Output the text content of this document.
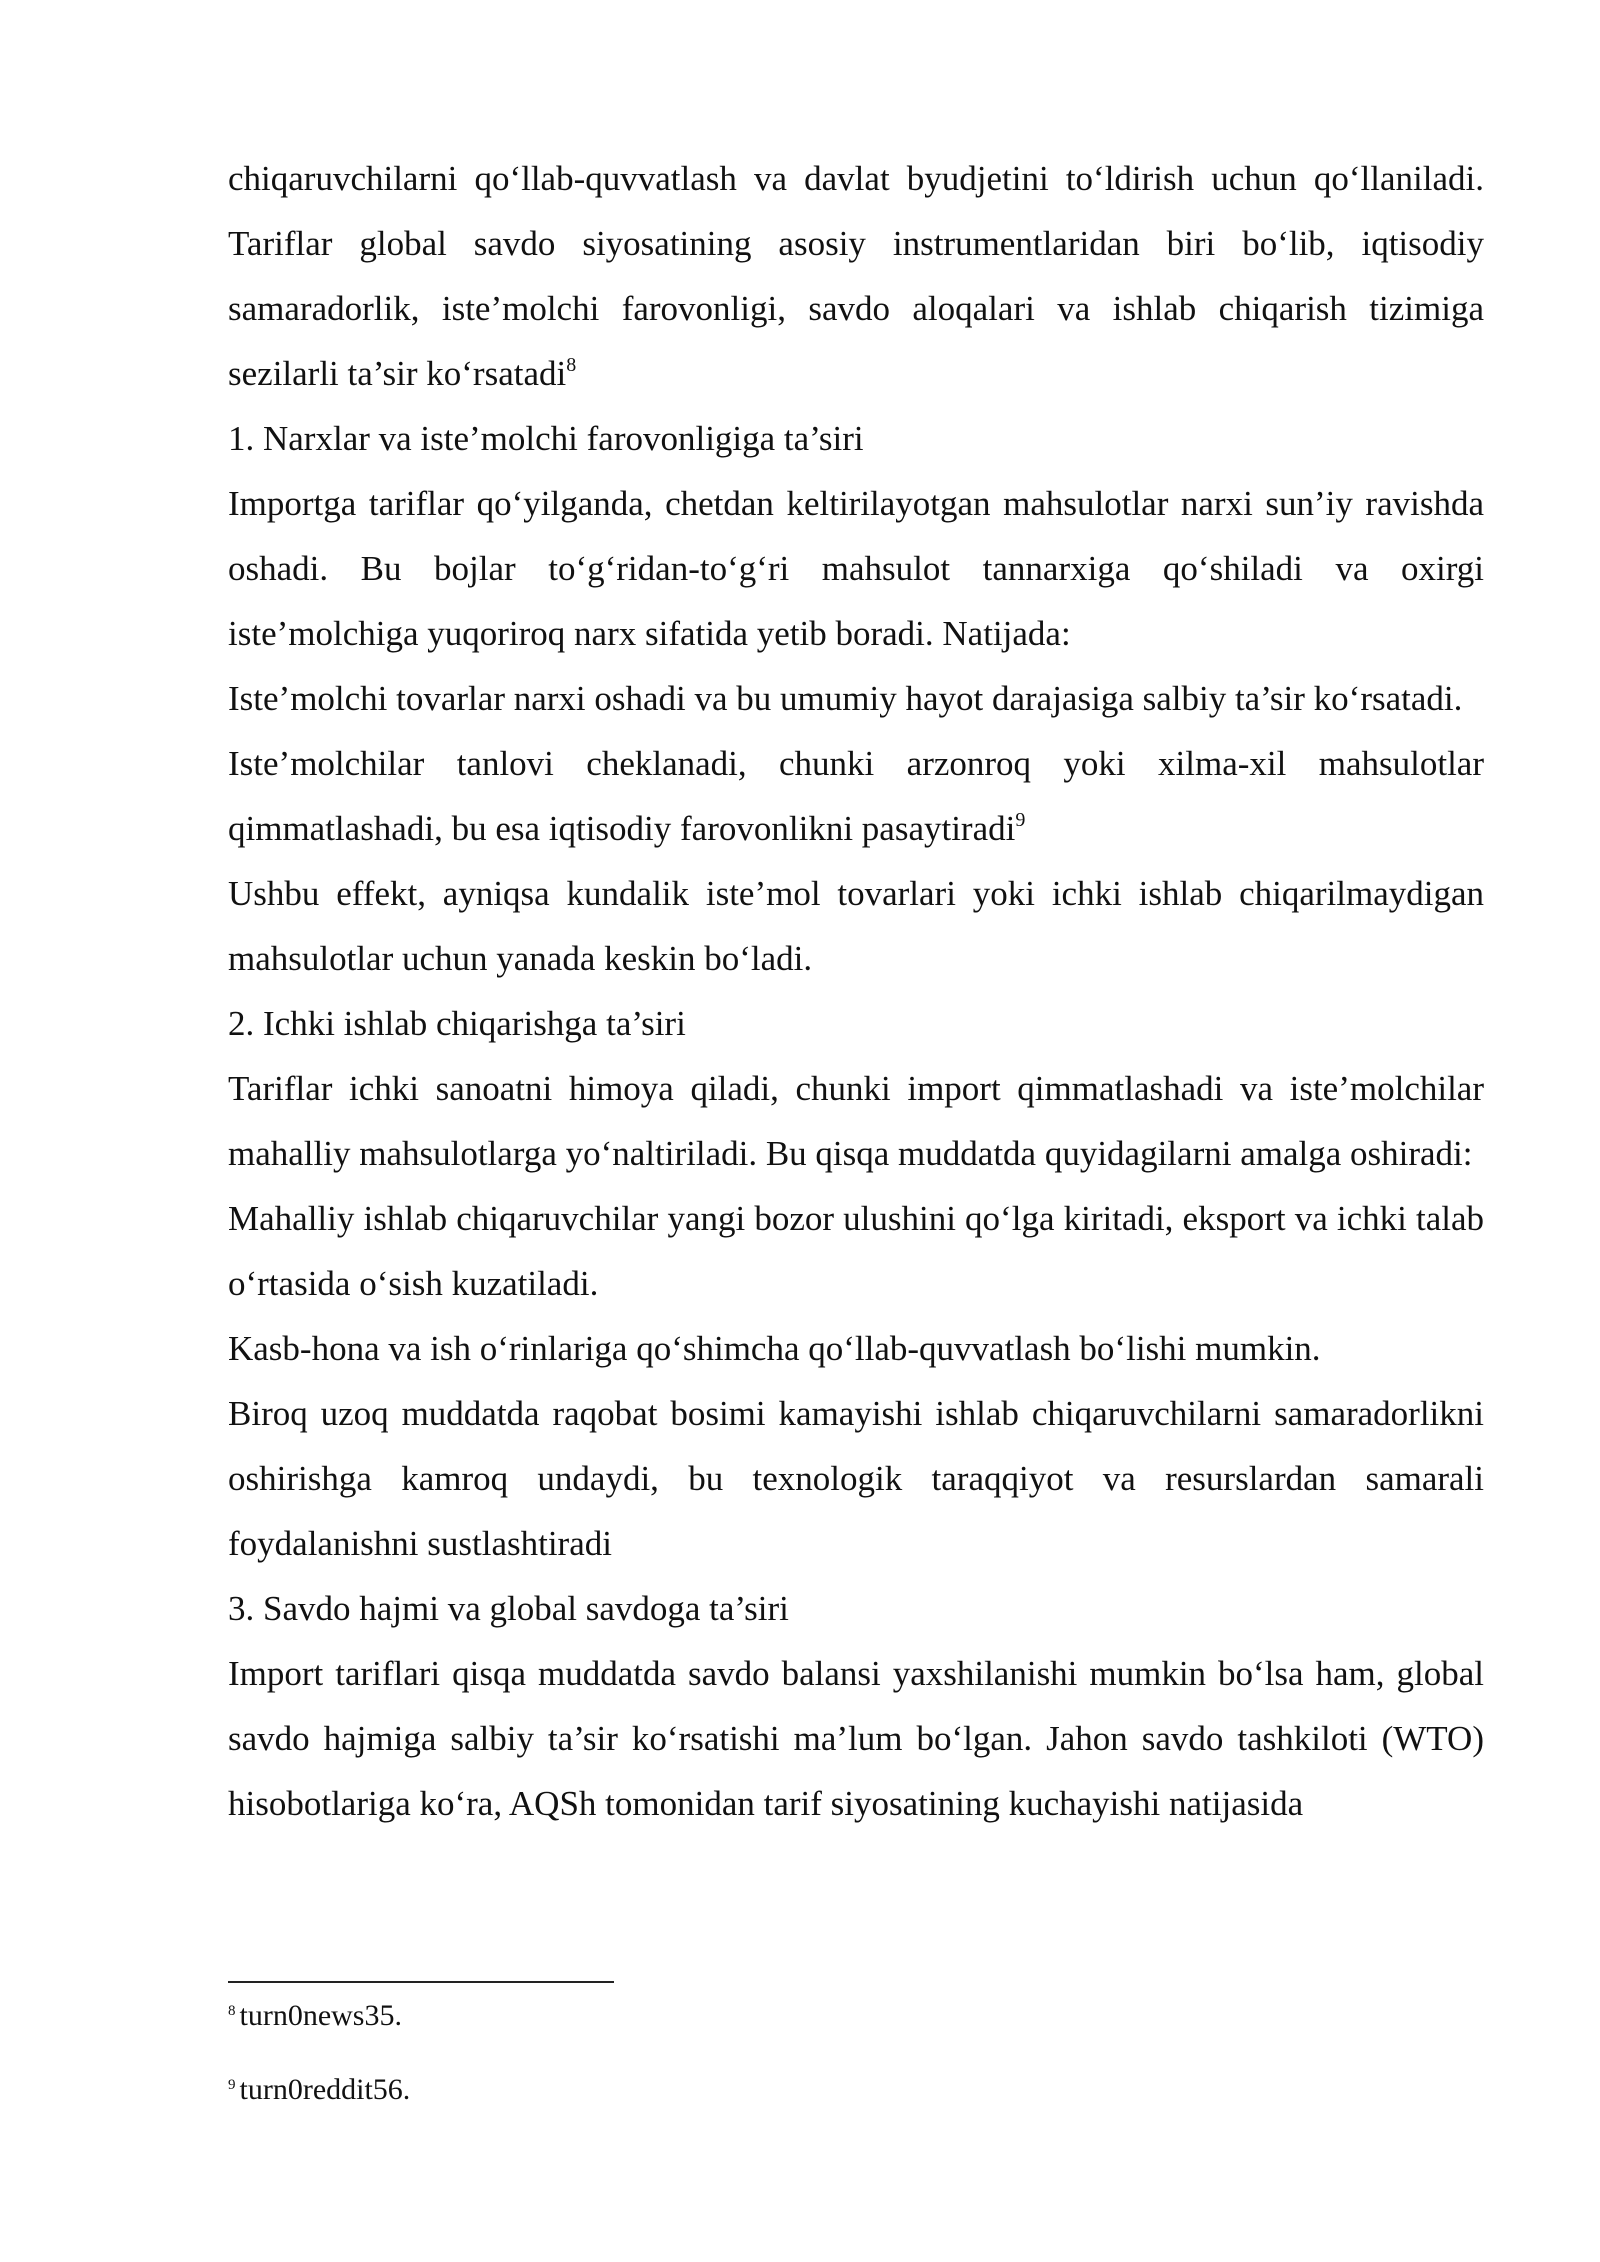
chiqaruvchilarni qo‘llab-quvvatlash va davlat byudjetini to‘ldirish uchun qo‘llaniladi. Tariflar global savdo siyosatining asosiy instrumentlaridan biri bo‘lib, iqtisodiy samaradorlik, iste’molchi farovonligi, savdo aloqalari va ishlab chiqarish tizimiga sezilarli ta’sir ko‘rsatadi$^8$

1. Narxlar va iste’molchi farovonligiga ta’siri

Importga tariflar qo‘yilganda, chetdan keltirilayotgan mahsulotlar narxi sun’iy ravishda oshadi. Bu bojlar to‘g‘ridan-to‘g‘ri mahsulot tannarxiga qo‘shiladi va oxirgi iste’molchiga yuqoriroq narx sifatida yetib boradi. Natijada:

Iste’molchi tovarlar narxi oshadi va bu umumiy hayot darajasiga salbiy ta’sir ko‘rsatadi.

Iste’molchilar tanlovi cheklanadi, chunki arzonroq yoki xilma-xil mahsulotlar qimmatlashadi, bu esa iqtisodiy farovonlikni pasaytiradi$^9$

Ushbu effekt, ayniqsa kundalik iste’mol tovarlari yoki ichki ishlab chiqarilmaydigan mahsulotlar uchun yanada keskin bo‘ladi.

2. Ichki ishlab chiqarishga ta’siri

Tariflar ichki sanoatni himoya qiladi, chunki import qimmatlashadi va iste’molchilar mahalliy mahsulotlarga yo‘naltiriladi. Bu qisqa muddatda quyidagilarni amalga oshiradi:

Mahalliy ishlab chiqaruvchilar yangi bozor ulushini qo‘lga kiritadi, eksport va ichki talab o‘rtasida o‘sish kuzatiladi.

Kasb-hona va ish o‘rinlariga qo‘shimcha qo‘llab-quvvatlash bo‘lishi mumkin.

Biroq uzoq muddatda raqobat bosimi kamayishi ishlab chiqaruvchilarni samaradorlikni oshirishga kamroq undaydi, bu texnologik taraqqiyot va resurslardan samarali foydalanishni sustlashtiradi

3. Savdo hajmi va global savdoga ta’siri

Import tariflari qisqa muddatda savdo balansi yaxshilanishi mumkin bo‘lsa ham, global savdo hajmiga salbiy ta’sir ko‘rsatishi ma’lum bo‘lgan. Jahon savdo tashkiloti (WTO) hisobotlariga ko‘ra, AQSh tomonidan tarif siyosatining kuchayishi natijasida

$^8$ turn0news35.
$^9$ turn0reddit56.
